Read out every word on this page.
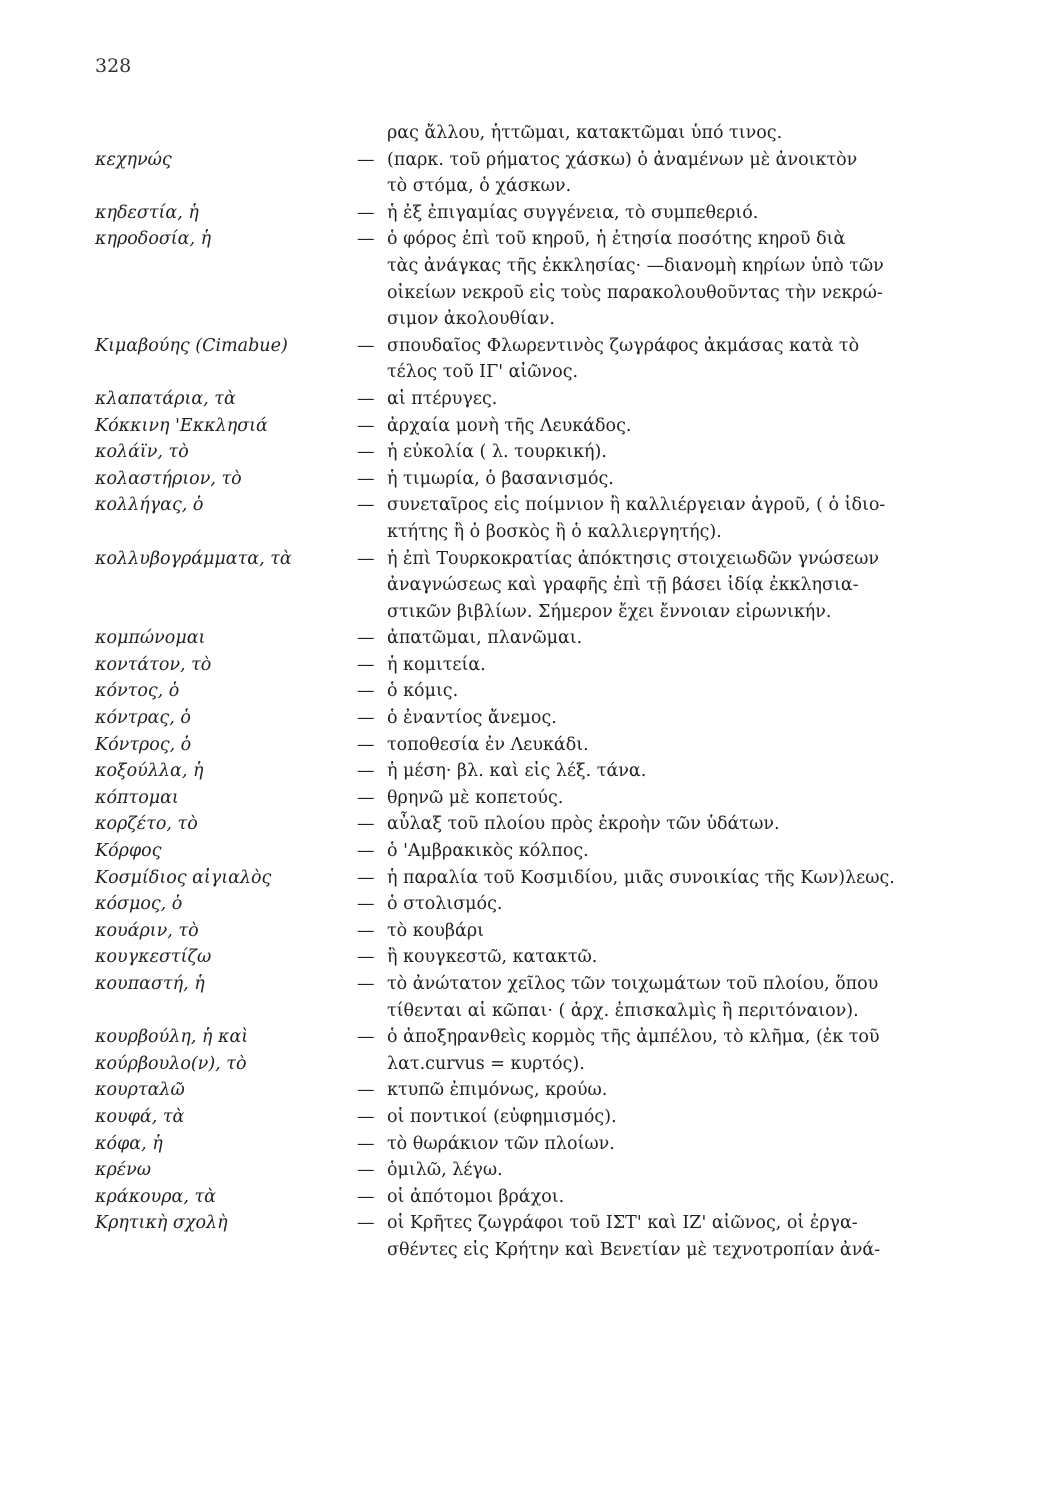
328
ρας ἄλλου, ἡττῶμαι, κατακτῶμαι ὑπό τινος.
κεχηνώς	— (παρκ. τοῦ ρήματος χάσκω) ὁ ἀναμένων μὲ ἀνοικτὸν
τὸ στόμα, ὁ χάσκων.
κηδεστία, ἡ	— ἡ ἐξ ἐπιγαμίας συγγένεια, τὸ συμπεθεριό.
κηροδοσία, ἡ	— ὁ φόρος ἐπὶ τοῦ κηροῦ, ἡ ἐτησία ποσότης κηροῦ διὰ
τὰς ἀνάγκας τῆς ἐκκλησίας· —διανομὴ κηρίων ὑπὸ τῶν
οἰκείων νεκροῦ εἰς τοὺς παρακολουθοῦντας τὴν νεκρώ-
σιμον ἀκολουθίαν.
Κιμαβούης (Cimabue)	— σπουδαῖος Φλωρεντινὸς ζωγράφος ἀκμάσας κατὰ τὸ
τέλος τοῦ ΙΓ' αἰῶνος.
κλαπατάρια, τὰ	— αἱ πτέρυγες.
Κόκκινη 'Εκκλησιά	— ἀρχαία μονὴ τῆς Λευκάδος.
κολάϊν, τὸ	— ἡ εὐκολία ( λ. τουρκική).
κολαστήριον, τὸ	— ἡ τιμωρία, ὁ βασανισμός.
κολλήγας, ὁ	— συνεταῖρος εἰς ποίμνιον ἢ καλλιέργειαν ἀγροῦ, ( ὁ ἰδιο-
κτήτης ἢ ὁ βοσκὸς ἢ ὁ καλλιεργητής).
κολλυβογράμματα, τὰ	— ἡ ἐπὶ Τουρκοκρατίας ἀπόκτησις στοιχειωδῶν γνώσεων
ἀναγνώσεως καὶ γραφῆς ἐπὶ τῇ βάσει ἰδίᾳ ἐκκλησια-
στικῶν βιβλίων. Σήμερον ἔχει ἔννοιαν εἰρωνικήν.
κομπώνομαι	— ἀπατῶμαι, πλανῶμαι.
κοντάτον, τὸ	— ἡ κομιτεία.
κόντος, ὁ	— ὁ κόμις.
κόντρας, ὁ	— ὁ ἐναντίος ἄνεμος.
Κόντρος, ὁ	— τοποθεσία ἐν Λευκάδι.
κοξούλλα, ἡ	— ἡ μέση· βλ. καὶ εἰς λέξ. τάνα.
κόπτομαι	— θρηνῶ μὲ κοπετούς.
κορζέτο, τὸ	— αὖλαξ τοῦ πλοίου πρὸς ἐκροὴν τῶν ὑδάτων.
Κόρφος	— ὁ 'Αμβρακικὸς κόλπος.
Κοσμίδιος αἰγιαλὸς	— ἡ παραλία τοῦ Κοσμιδίου, μιᾶς συνοικίας τῆς Κων)λεως.
κόσμος, ὁ	— ὁ στολισμός.
κουάριν, τὸ	— τὸ κουβάρι
κουγκεστίζω	— ἢ κουγκεστῶ, κατακτῶ.
κουπαστή, ἡ	— τὸ ἀνώτατον χεῖλος τῶν τοιχωμάτων τοῦ πλοίου, ὅπου
τίθενται αἱ κῶπαι· ( ἀρχ. ἐπισκαλμὶς ἢ περιτόναιον).
κουρβούλη, ἡ καὶ	— ὁ ἀποξηρανθεὶς κορμὸς τῆς ἀμπέλου, τὸ κλῆμα, (ἐκ τοῦ
κούρβουλο(ν), τὸ	λατ.curvus = κυρτός).
κουρταλῶ	— κτυπῶ ἐπιμόνως, κρούω.
κουφά, τὰ	— οἱ ποντικοί (εὐφημισμός).
κόφα, ἡ	— τὸ θωράκιον τῶν πλοίων.
κρένω	— ὁμιλῶ, λέγω.
κράκουρα, τὰ	— οἱ ἀπότομοι βράχοι.
Κρητικὴ σχολὴ	— οἱ Κρῆτες ζωγράφοι τοῦ ΙΣΤ' καὶ ΙΖ' αἰῶνος, οἱ ἐργα-
σθέντες εἰς Κρήτην καὶ Βενετίαν μὲ τεχνοτροπίαν ἀνά-
